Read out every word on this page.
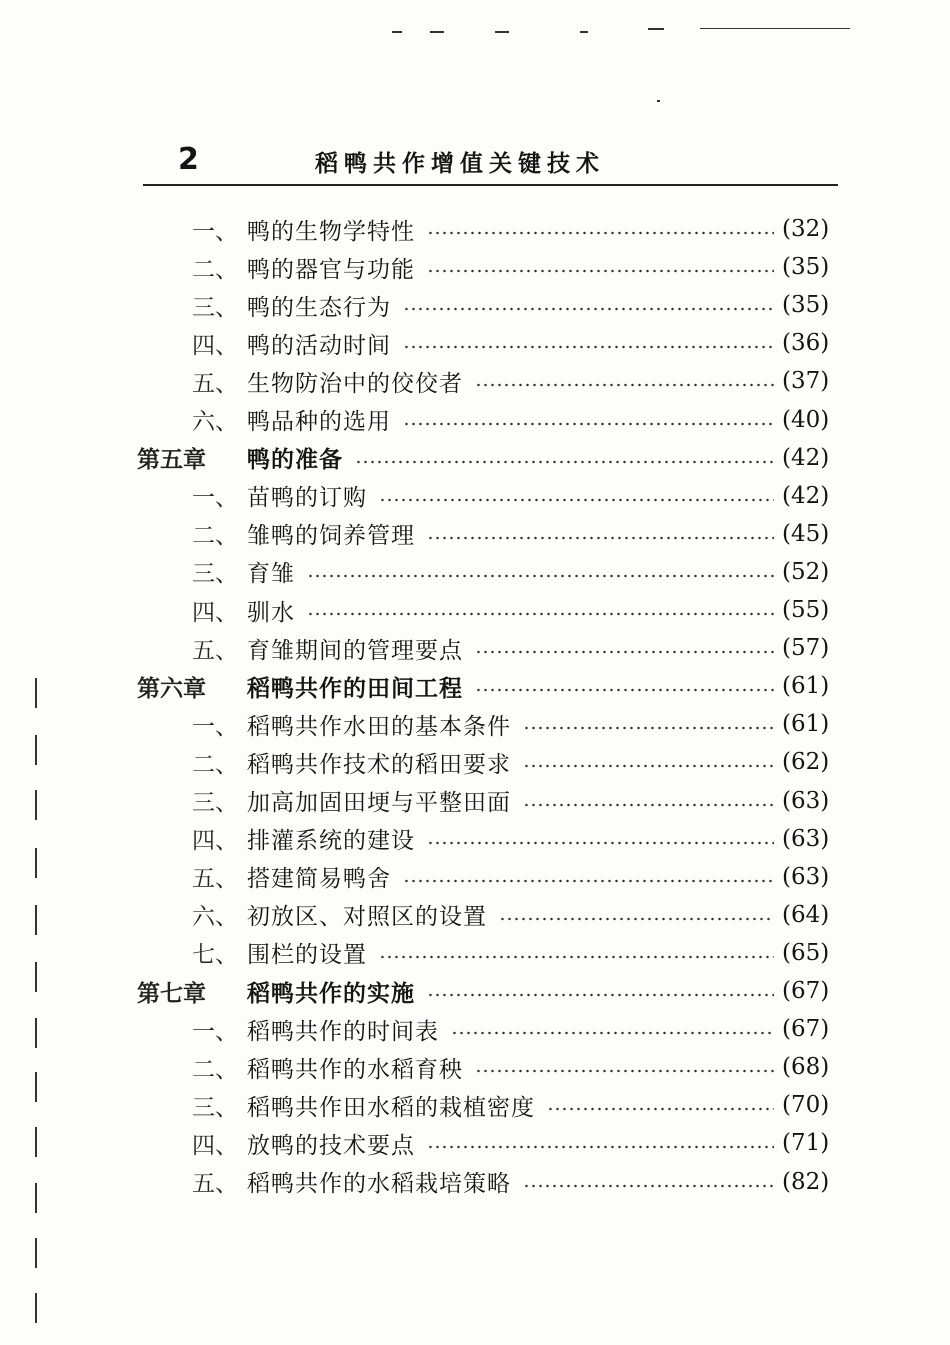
2	稻鸭共作增值关键技术
一、 鸭的生物学特性	(32)
二、 鸭的器官与功能	(35)
三、 鸭的生态行为	(35)
四、 鸭的活动时间	(36)
五、 生物防治中的佼佼者	(37)
六、 鸭品种的选用	(40)
第五章	鸭的准备	(42)
一、 苗鸭的订购	(42)
二、 雏鸭的饲养管理	(45)
三、 育雏	(52)
四、 驯水	(55)
五、 育雏期间的管理要点	(57)
第六章	稻鸭共作的田间工程	(61)
一、 稻鸭共作水田的基本条件	(61)
二、 稻鸭共作技术的稻田要求	(62)
三、 加高加固田埂与平整田面	(63)
四、 排灌系统的建设	(63)
五、 搭建简易鸭舍	(63)
六、 初放区、对照区的设置	(64)
七、 围栏的设置	(65)
第七章	稻鸭共作的实施	(67)
一、 稻鸭共作的时间表	(67)
二、 稻鸭共作的水稻育秧	(68)
三、 稻鸭共作田水稻的栽植密度	(70)
四、 放鸭的技术要点	(71)
五、 稻鸭共作的水稻栽培策略	(82)
